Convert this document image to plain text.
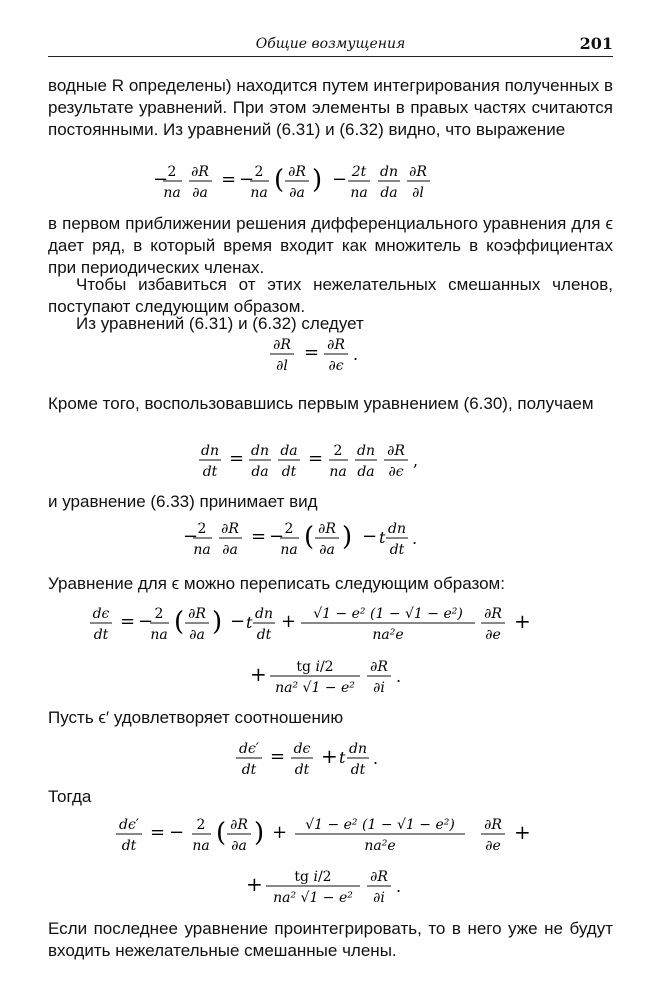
Общие возмущения	201

водные R определены) находится путем интегрирования полученных в результате уравнений. При этом элементы в правых частях считаются постоянными. Из уравнений (6.31) и (6.32) видно, что выражение

− 2
na
∂R
∂a
= − 2
na ( ∂R
∂a ) − 2t
na
dn
da
∂R
∂l

в первом приближении решения дифференциального уравнения для ϵ дает ряд, в который время входит как множитель в коэффициентах при периодических членах.

Чтобы избавиться от этих нежелательных смешанных членов, поступают следующим образом.

Из уравнений (6.31) и (6.32) следует

∂R
∂l
= ∂R
∂ϵ
.

Кроме того, воспользовавшись первым уравнением (6.30), получаем

dn
dt
= dn
da
da
dt
= 2
na
dn
da
∂R
∂ϵ
,

и уравнение (6.33) принимает вид

− 2
na
∂R
∂a
= − 2
na ( ∂R
∂a ) − t dn
dt
.

Уравнение для ϵ можно переписать следующим образом:

dϵ
dt
= − 2
na ( ∂R
∂a ) − t dn
dt
+ √1 − e² (1 − √1 − e²)
na²e
∂R
∂e
+
+ tg i/2
na² √1 − e²
∂R
∂i
.

Пусть ϵ′ удовлетворяет соотношению

dϵ′
dt
= dϵ
dt
+ t dn
dt
.

Тогда

dϵ′
dt
= − 2
na ( ∂R
∂a ) + √1 − e² (1 − √1 − e²)
na²e
∂R
∂e
+
+ tg i/2
na² √1 − e²
∂R
∂i
.

Если последнее уравнение проинтегрировать, то в него уже не будут входить нежелательные смешанные члены.
